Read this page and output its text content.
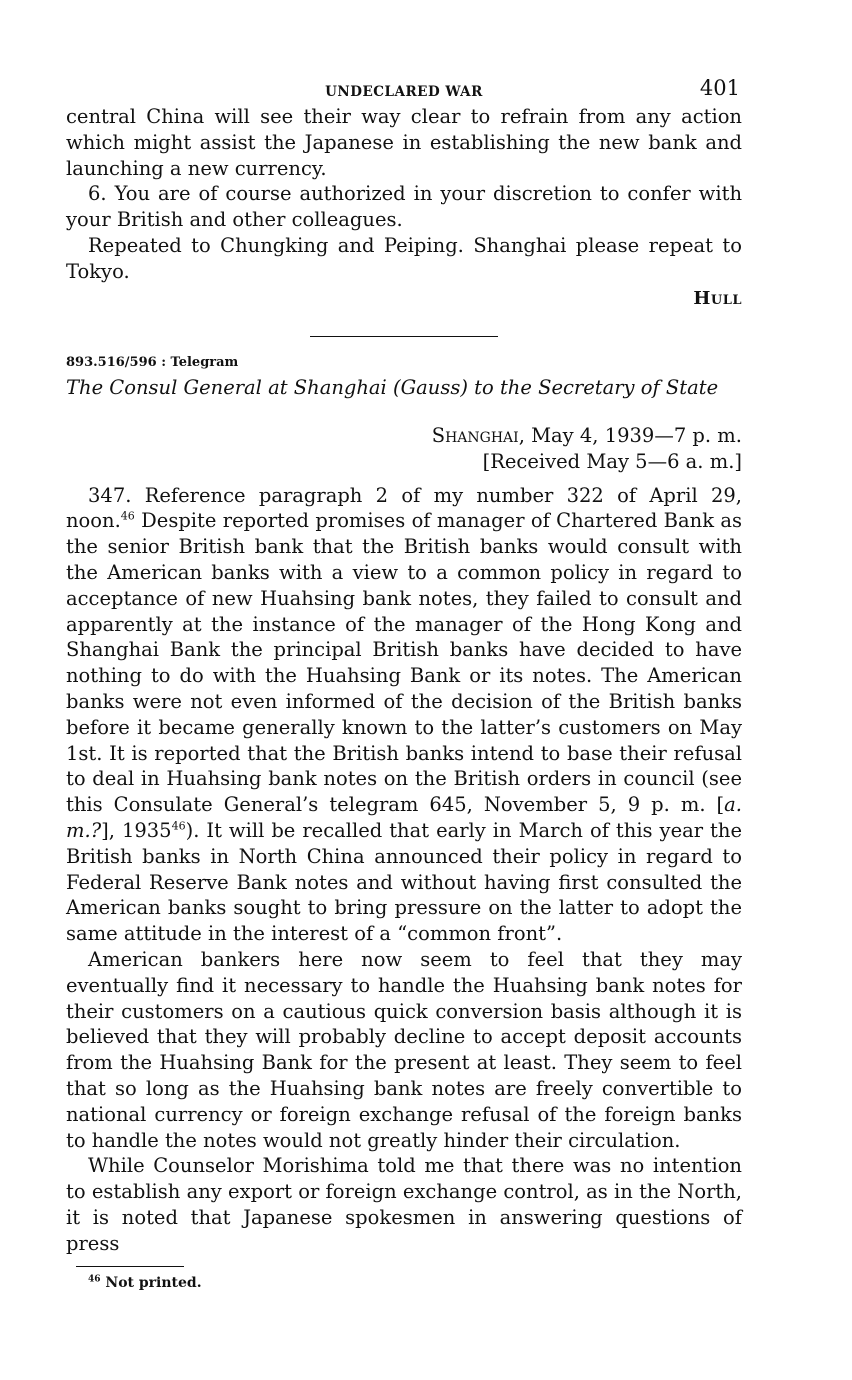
UNDECLARED WAR	401

central China will see their way clear to refrain from any action which might assist the Japanese in establishing the new bank and launching a new currency.

6. You are of course authorized in your discretion to confer with your British and other colleagues.

Repeated to Chungking and Peiping. Shanghai please repeat to Tokyo.

Hull
893.516/596 : Telegram
The Consul General at Shanghai (Gauss) to the Secretary of State
Shanghai, May 4, 1939—7 p. m.
[Received May 5—6 a. m.]

347. Reference paragraph 2 of my number 322 of April 29, noon.$^{46}$ Despite reported promises of manager of Chartered Bank as the senior British bank that the British banks would consult with the American banks with a view to a common policy in regard to acceptance of new Huahsing bank notes, they failed to consult and apparently at the instance of the manager of the Hong Kong and Shanghai Bank the principal British banks have decided to have nothing to do with the Huahsing Bank or its notes. The American banks were not even informed of the decision of the British banks before it became generally known to the latter’s customers on May 1st. It is reported that the British banks intend to base their refusal to deal in Huahsing bank notes on the British orders in council (see this Consulate General’s telegram 645, November 5, 9 p. m. [a. m.?], 1935$^{46}$). It will be recalled that early in March of this year the British banks in North China announced their policy in regard to Federal Reserve Bank notes and without having first consulted the American banks sought to bring pressure on the latter to adopt the same attitude in the interest of a “common front”.

American bankers here now seem to feel that they may eventually find it necessary to handle the Huahsing bank notes for their customers on a cautious quick conversion basis although it is believed that they will probably decline to accept deposit accounts from the Huahsing Bank for the present at least. They seem to feel that so long as the Huahsing bank notes are freely convertible to national currency or foreign exchange refusal of the foreign banks to handle the notes would not greatly hinder their circulation.

While Counselor Morishima told me that there was no intention to establish any export or foreign exchange control, as in the North, it is noted that Japanese spokesmen in answering questions of press

$^{46}$ Not printed.
